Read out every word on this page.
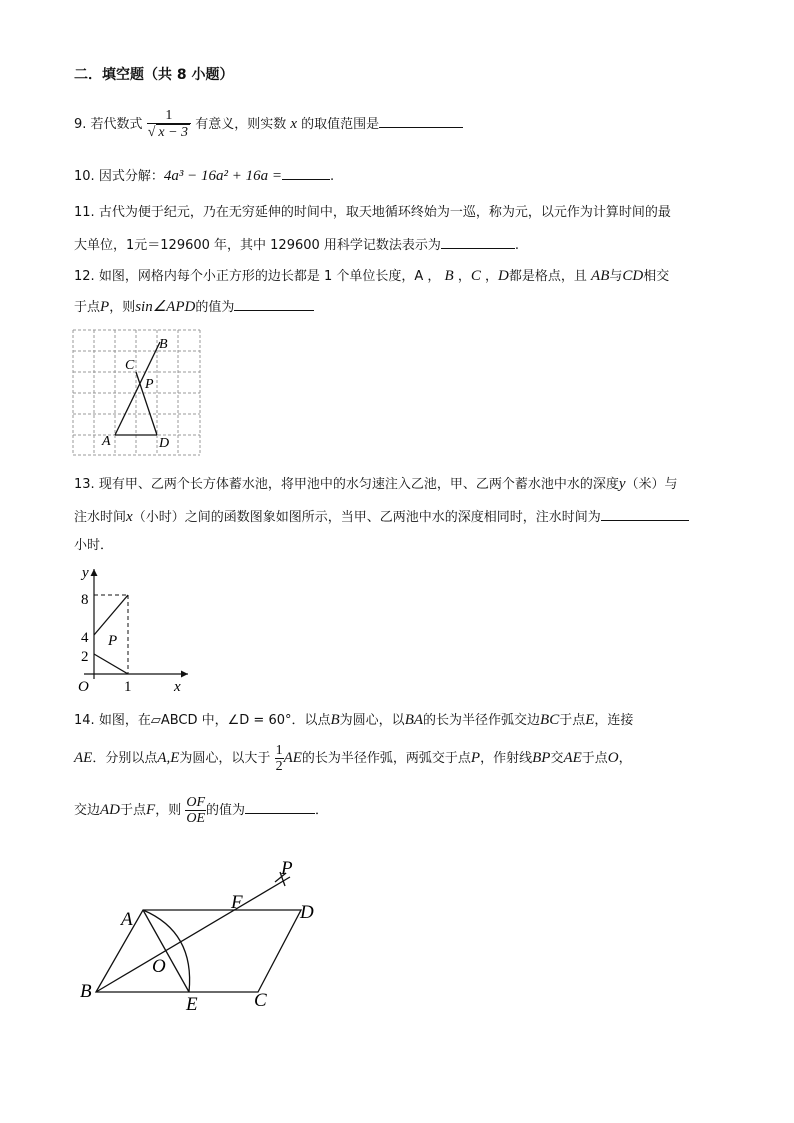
二．填空题（共 8 小题）
9. 若代数式 $\frac{1}{√ x - 3}$ 有意义，则实数 x 的取值范围是
10. 因式分解：4a³ − 16a² + 16a =	.
11. 古代为便于纪元，乃在无穷延伸的时间中，取天地循环终始为一巡，称为元，以元作为计算时间的最
大单位，1元＝129600 年，其中 129600 用科学记数法表示为	.
12. 如图，网格内每个小正方形的边长都是 1 个单位长度，A ， B ，C ，D都是格点，且 AB与CD相交
于点P，则sin∠APD的值为
A
B
C
D
P
13. 现有甲、乙两个长方体蓄水池，将甲池中的水匀速注入乙池，甲、乙两个蓄水池中水的深度y（米）与
注水时间x（小时）之间的函数图象如图所示，当甲、乙两池中水的深度相同时，注水时间为
小时．
y
x
O
8
4
2
1
P
14. 如图，在▱ABCD 中，∠D = 60°．以点B为圆心，以BA的长为半径作弧交边BC于点E，连接
AE．分别以点A,E为圆心，以大于 $\frac{1}{2}$ AE的长为半径作弧，两弧交于点P，作射线BP交AE于点O，
交边AD于点F，则 $\frac{OF}{OE}$ 的值为	．
A
B	C
D
E
F
O
P
